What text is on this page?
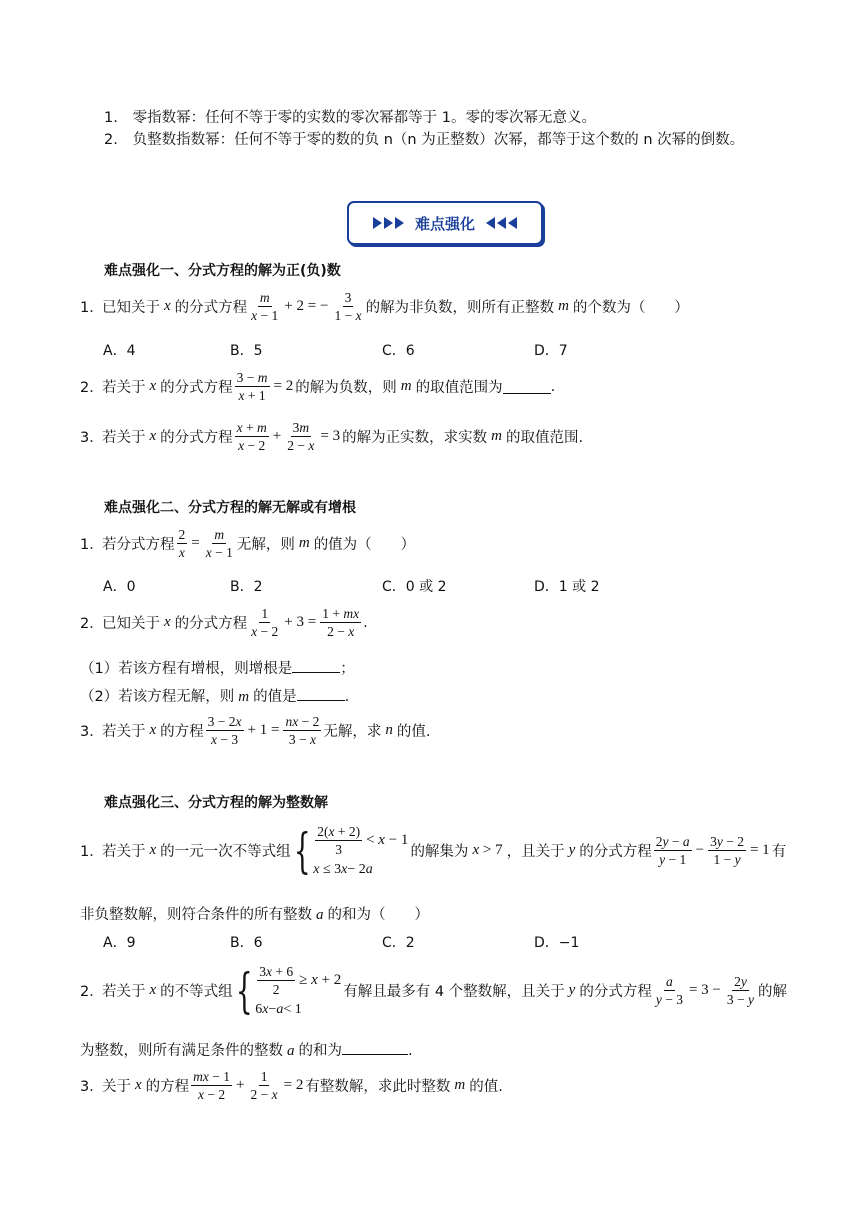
1. 零指数幂：任何不等于零的实数的零次幂都等于 1。零的零次幂无意义。
2. 负整数指数幂：任何不等于零的数的负 n（n 为正整数）次幂，都等于这个数的 n 次幂的倒数。
难点强化
难点强化一、分式方程的解为正(负)数
1．
已知关于 x 的分式方程 $\frac{m}{x - 1} + 2$ = − $\frac{3}{1 - x}$ 的解为非负数，则所有正整数 m 的个数为（　　）
A．4	B．5	C．6	D．7
2．
若关于 x 的分式方程 $\frac{3 - m}{x + 1} = 2$ 的解为负数，则 m 的取值范围为	.
3．
若关于 x 的分式方程 $\frac{x + m}{x - 2} + \frac{3m}{2 - x} = 3$ 的解为正实数，求实数 m 的取值范围.
难点强化二、分式方程的解无解或有增根
1．
若分式方程 $\frac{2}{x} = \frac{m}{x - 1}$ 无解，则 m 的值为（　　）
A．0	B．2	C．0 或 2	D．1 或 2
2．
已知关于 x 的分式方程 $\frac{1}{x - 2} + 3 = \frac{1 + mx}{2 - x}$ .
（1）若该方程有增根，则增根是	；
（2）若该方程无解，则 m 的值是	.
3．
若关于 x 的方程 $\frac{3 - 2x}{x - 3} + 1 = \frac{nx - 2}{3 - x}$ 无解，求 n 的值.
难点强化三、分式方程的解为整数解
1．
若关于 x 的一元一次不等式组 { $\frac{2(x + 2)}{3} < x - 1$
x ≤ 3 x − 2 a
的解集为 x > 7 ，且关于 y 的分式方程 $\frac{2y - a}{y - 1} - \frac{3y - 2}{1 - y} = 1$ 有
非负整数解，则符合条件的所有整数 a 的和为（　　）
A．9	B．6	C．2	D．−1
2．
若关于 x 的不等式组 { $\frac{3x + 6}{2} \ge x + 2$
6 x − a < 1
有解且最多有 4 个整数解，且关于 y 的分式方程 $\frac{a}{y - 3} = 3 - \frac{2y}{3 - y}$ 的解
为整数，则所有满足条件的整数 a 的和为	.
3．
关于 x 的方程 $\frac{mx - 1}{x - 2} + \frac{1}{2 - x} = 2$ 有整数解，求此时整数 m 的值.
